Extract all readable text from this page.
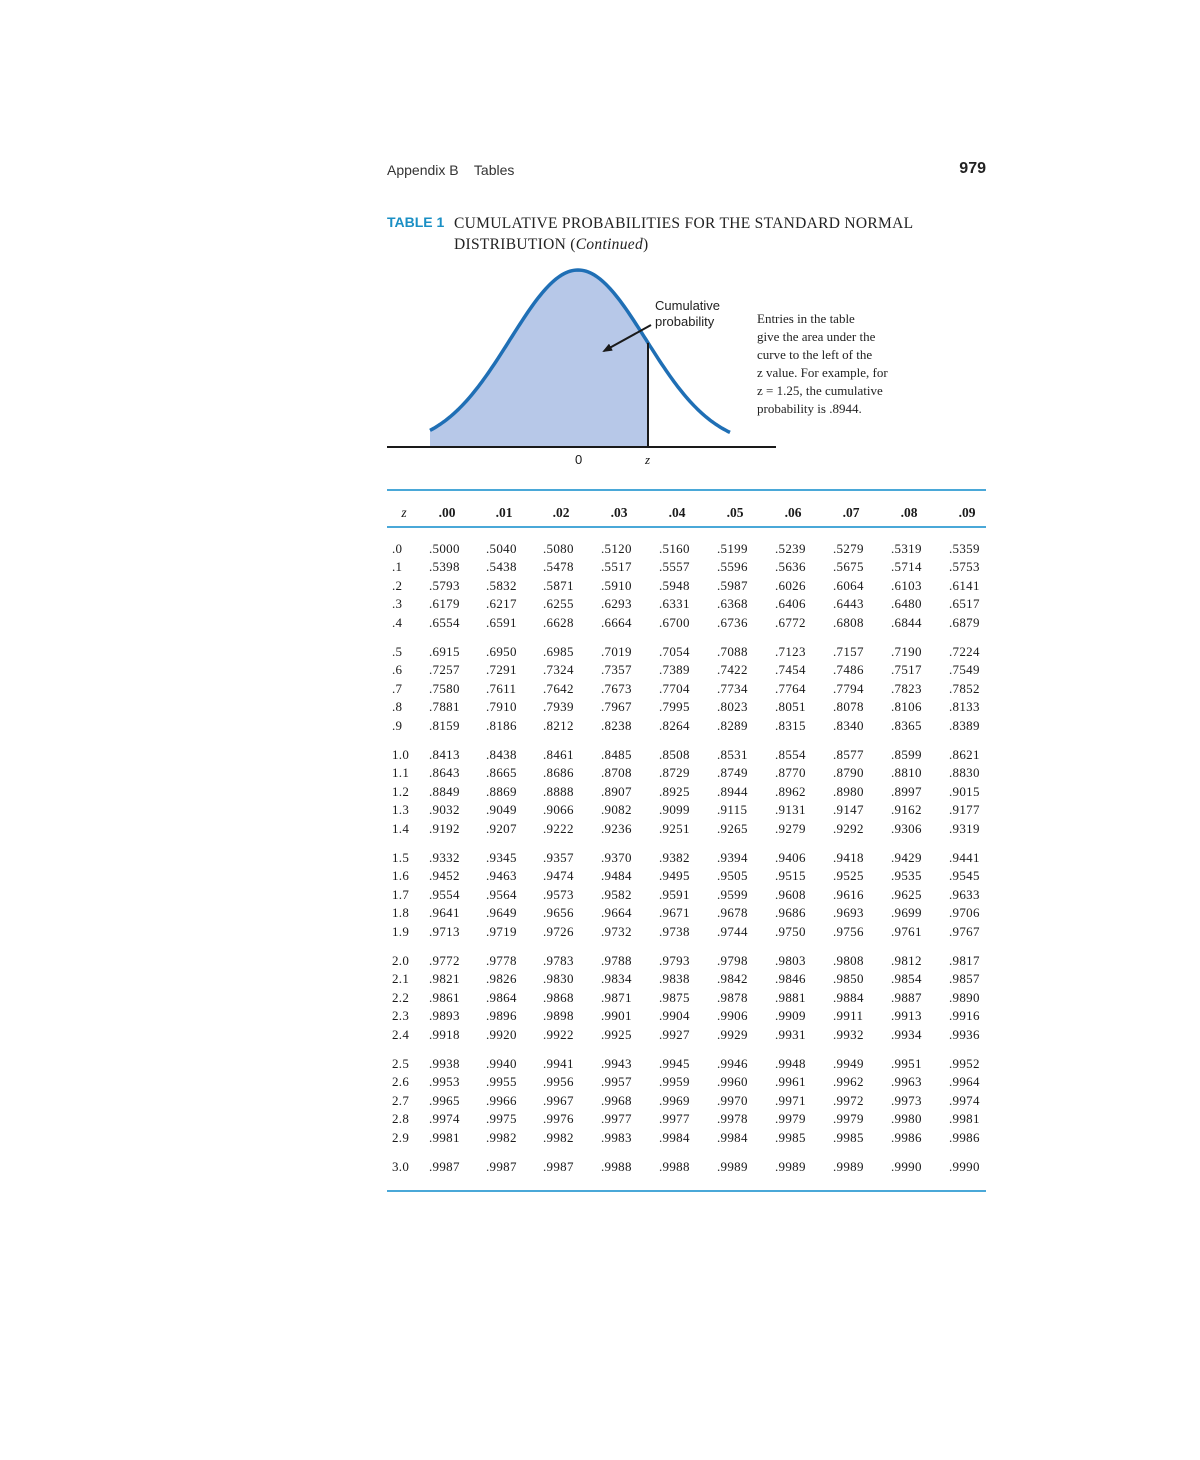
Appendix B    Tables	979
TABLE 1 CUMULATIVE PROBABILITIES FOR THE STANDARD NORMAL
DISTRIBUTION (Continued)
Cumulative
probability	Entries in the table
give the area under the
curve to the left of the
z value. For example, for
z = 1.25, the cumulative
probability is .8944.
0	z
z	.00	.01	.02	.03	.04	.05	.06	.07	.08	.09
.0 .5000 .5040 .5080 .5120 .5160 .5199 .5239 .5279 .5319 .5359
.1 .5398 .5438 .5478 .5517 .5557 .5596 .5636 .5675 .5714 .5753
.2 .5793 .5832 .5871 .5910 .5948 .5987 .6026 .6064 .6103 .6141
.3 .6179 .6217 .6255 .6293 .6331 .6368 .6406 .6443 .6480 .6517
.4 .6554 .6591 .6628 .6664 .6700 .6736 .6772 .6808 .6844 .6879
.5 .6915 .6950 .6985 .7019 .7054 .7088 .7123 .7157 .7190 .7224
.6 .7257 .7291 .7324 .7357 .7389 .7422 .7454 .7486 .7517 .7549
.7 .7580 .7611 .7642 .7673 .7704 .7734 .7764 .7794 .7823 .7852
.8 .7881 .7910 .7939 .7967 .7995 .8023 .8051 .8078 .8106 .8133
.9 .8159 .8186 .8212 .8238 .8264 .8289 .8315 .8340 .8365 .8389
1.0 .8413 .8438 .8461 .8485 .8508 .8531 .8554 .8577 .8599 .8621
1.1 .8643 .8665 .8686 .8708 .8729 .8749 .8770 .8790 .8810 .8830
1.2 .8849 .8869 .8888 .8907 .8925 .8944 .8962 .8980 .8997 .9015
1.3 .9032 .9049 .9066 .9082 .9099 .9115 .9131 .9147 .9162 .9177
1.4 .9192 .9207 .9222 .9236 .9251 .9265 .9279 .9292 .9306 .9319
1.5 .9332 .9345 .9357 .9370 .9382 .9394 .9406 .9418 .9429 .9441
1.6 .9452 .9463 .9474 .9484 .9495 .9505 .9515 .9525 .9535 .9545
1.7 .9554 .9564 .9573 .9582 .9591 .9599 .9608 .9616 .9625 .9633
1.8 .9641 .9649 .9656 .9664 .9671 .9678 .9686 .9693 .9699 .9706
1.9 .9713 .9719 .9726 .9732 .9738 .9744 .9750 .9756 .9761 .9767
2.0 .9772 .9778 .9783 .9788 .9793 .9798 .9803 .9808 .9812 .9817
2.1 .9821 .9826 .9830 .9834 .9838 .9842 .9846 .9850 .9854 .9857
2.2 .9861 .9864 .9868 .9871 .9875 .9878 .9881 .9884 .9887 .9890
2.3 .9893 .9896 .9898 .9901 .9904 .9906 .9909 .9911 .9913 .9916
2.4 .9918 .9920 .9922 .9925 .9927 .9929 .9931 .9932 .9934 .9936
2.5 .9938 .9940 .9941 .9943 .9945 .9946 .9948 .9949 .9951 .9952
2.6 .9953 .9955 .9956 .9957 .9959 .9960 .9961 .9962 .9963 .9964
2.7 .9965 .9966 .9967 .9968 .9969 .9970 .9971 .9972 .9973 .9974
2.8 .9974 .9975 .9976 .9977 .9977 .9978 .9979 .9979 .9980 .9981
2.9 .9981 .9982 .9982 .9983 .9984 .9984 .9985 .9985 .9986 .9986
3.0 .9987 .9987 .9987 .9988 .9988 .9989 .9989 .9989 .9990 .9990
